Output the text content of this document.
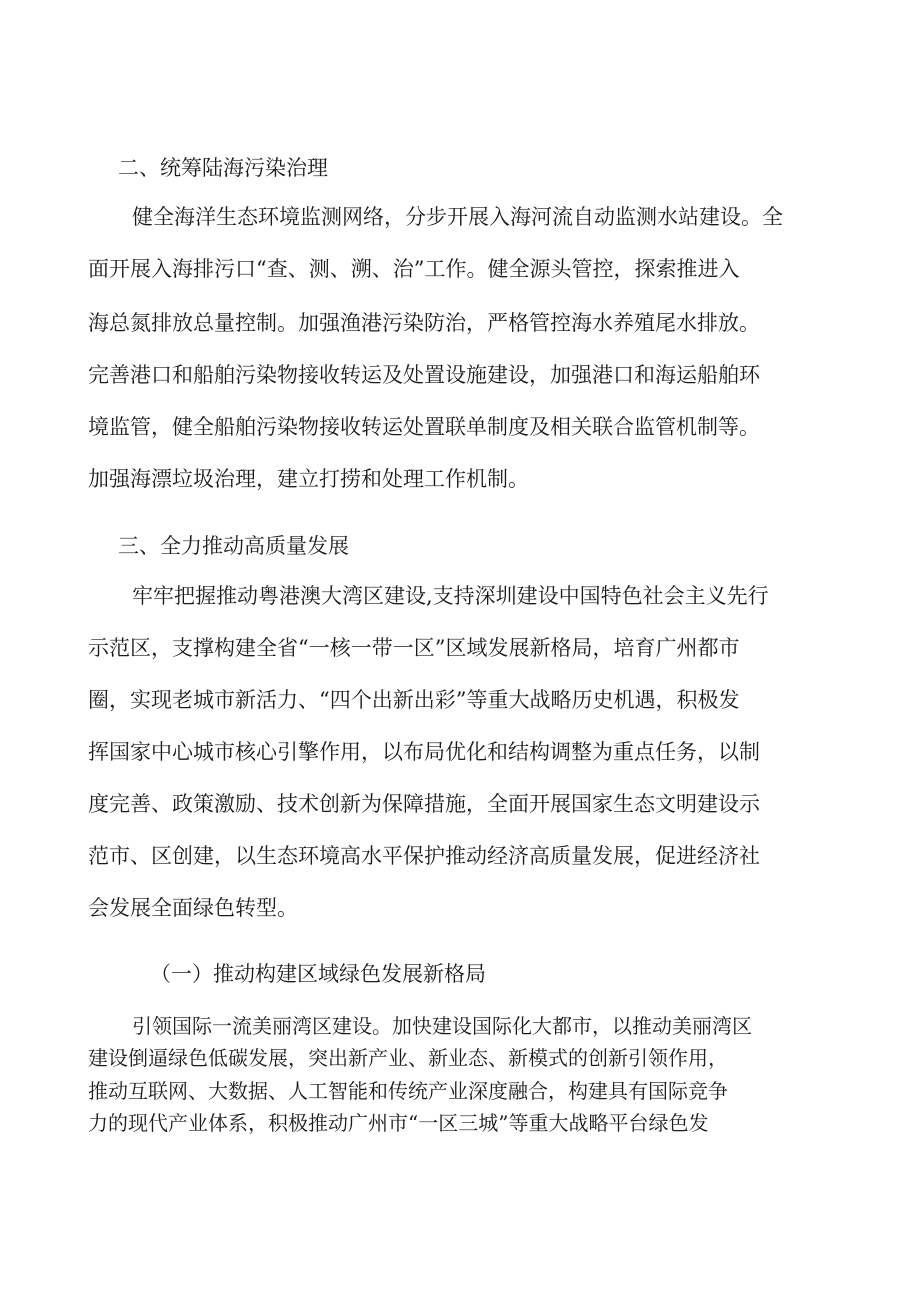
二、统筹陆海污染治理

健全海洋生态环境监测网络，分步开展入海河流自动监测水站建设。全

面开展入海排污口“查、测、溯、治”工作。健全源头管控，探索推进入

海总氮排放总量控制。加强渔港污染防治，严格管控海水养殖尾水排放。

完善港口和船舶污染物接收转运及处置设施建设，加强港口和海运船舶环

境监管，健全船舶污染物接收转运处置联单制度及相关联合监管机制等。

加强海漂垃圾治理，建立打捞和处理工作机制。

三、全力推动高质量发展

牢牢把握推动粤港澳大湾区建设,支持深圳建设中国特色社会主义先行

示范区，支撑构建全省“一核一带一区”区域发展新格局，培育广州都市

圈，实现老城市新活力、“四个出新出彩”等重大战略历史机遇，积极发

挥国家中心城市核心引擎作用，以布局优化和结构调整为重点任务，以制

度完善、政策激励、技术创新为保障措施，全面开展国家生态文明建设示

范市、区创建，以生态环境高水平保护推动经济高质量发展，促进经济社

会发展全面绿色转型。

（一）推动构建区域绿色发展新格局

引领国际一流美丽湾区建设。加快建设国际化大都市，以推动美丽湾区

建设倒逼绿色低碳发展，突出新产业、新业态、新模式的创新引领作用，

推动互联网、大数据、人工智能和传统产业深度融合，构建具有国际竞争

力的现代产业体系，积极推动广州市“一区三城”等重大战略平台绿色发
